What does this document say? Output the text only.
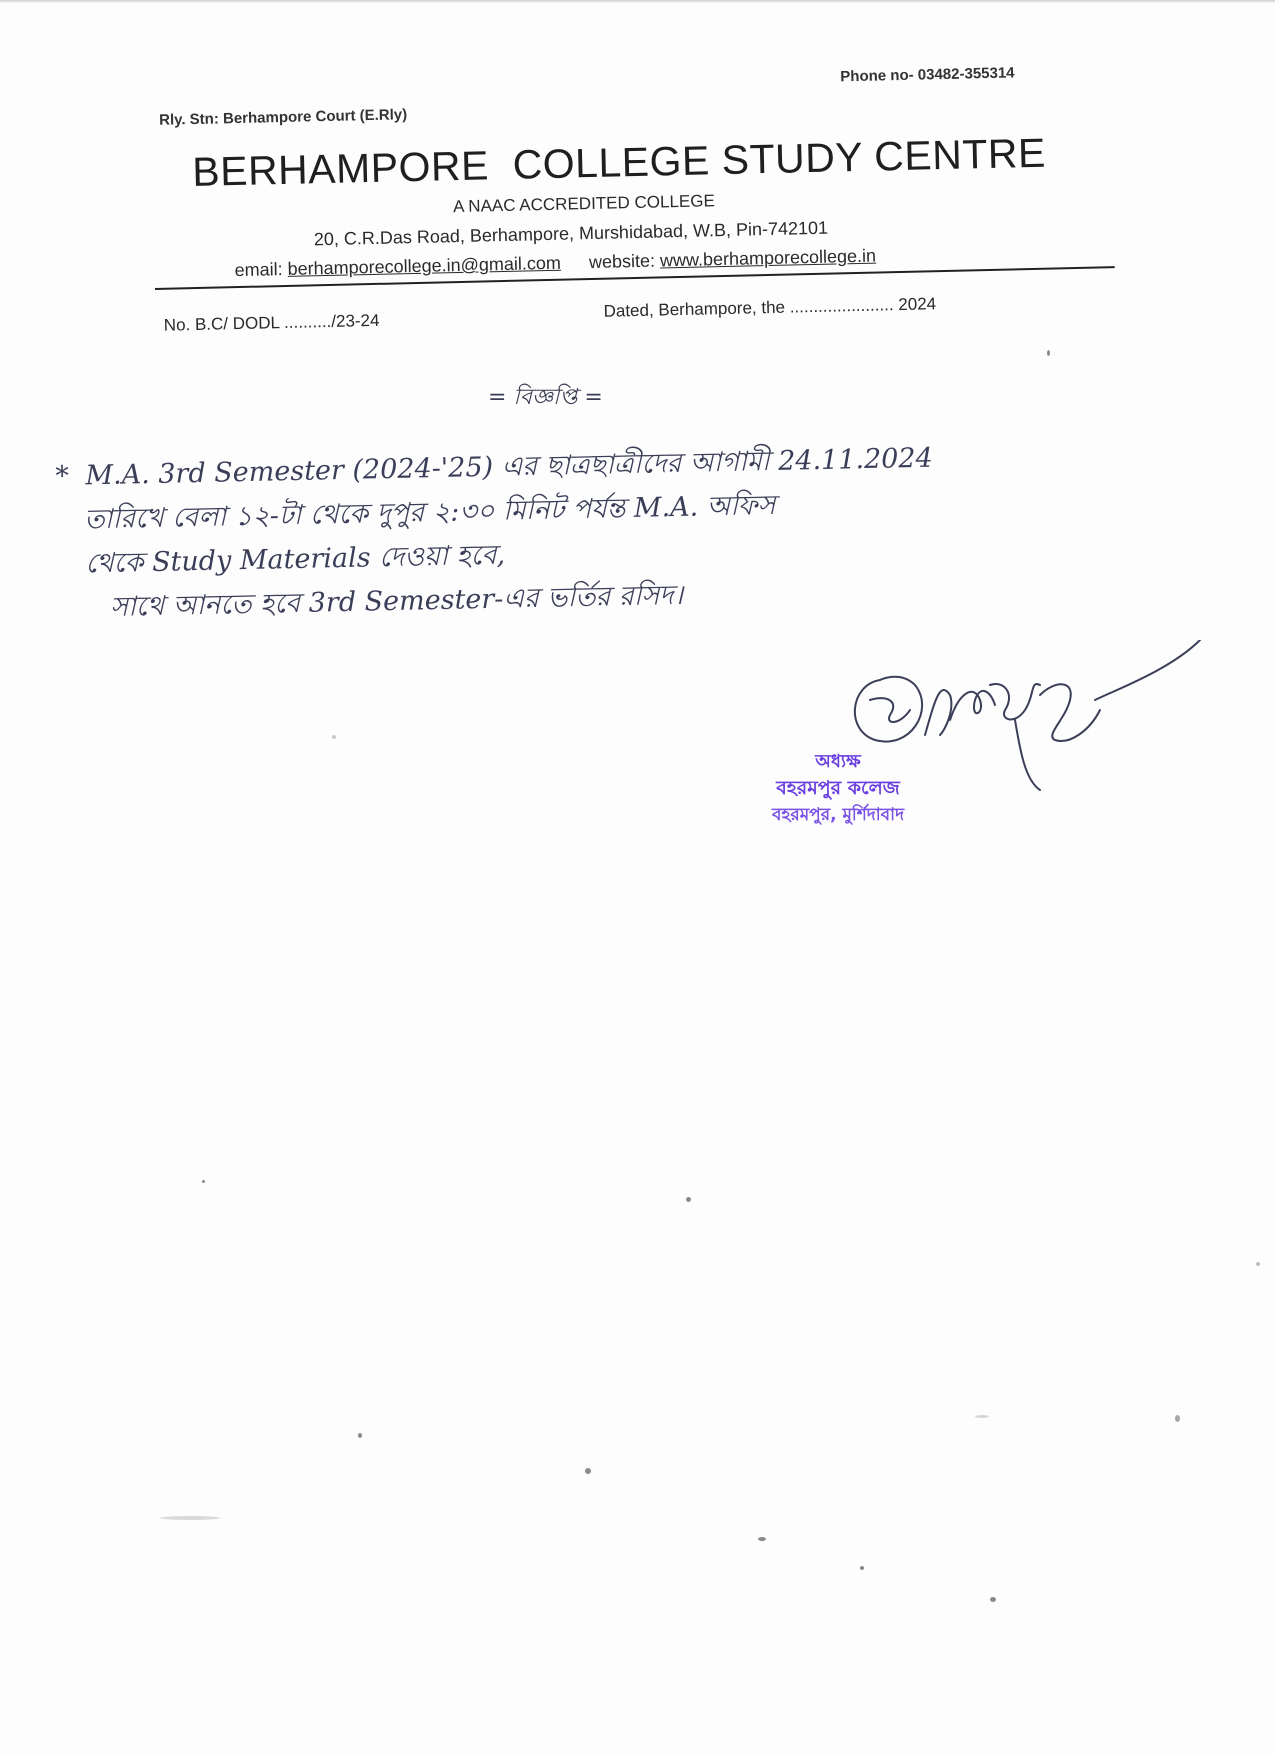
Rly. Stn: Berhampore Court (E.Rly)
Phone no- 03482-355314
BERHAMPORE  COLLEGE STUDY CENTRE
A NAAC ACCREDITED COLLEGE
20, C.R.Das Road, Berhampore, Murshidabad, W.B, Pin-742101
email: berhamporecollege.in@gmail.com website: www.berhamporecollege.in
No. B.C/ DODL ........../23-24
Dated, Berhampore, the ...................... 2024
= বিজ্ঞপ্তি =
* M.A. 3rd Semester (2024-'25) এর ছাত্রছাত্রীদের আগামী 24.11.2024
তারিখে বেলা ১২-টা থেকে দুপুর ২:৩০ মিনিট পর্যন্ত M.A. অফিস
থেকে Study Materials দেওয়া হবে,
সাথে আনতে হবে 3rd Semester-এর ভর্তির রসিদ।
অধ্যক্ষ
বহরমপুর কলেজ
বহরমপুর, মুর্শিদাবাদ
